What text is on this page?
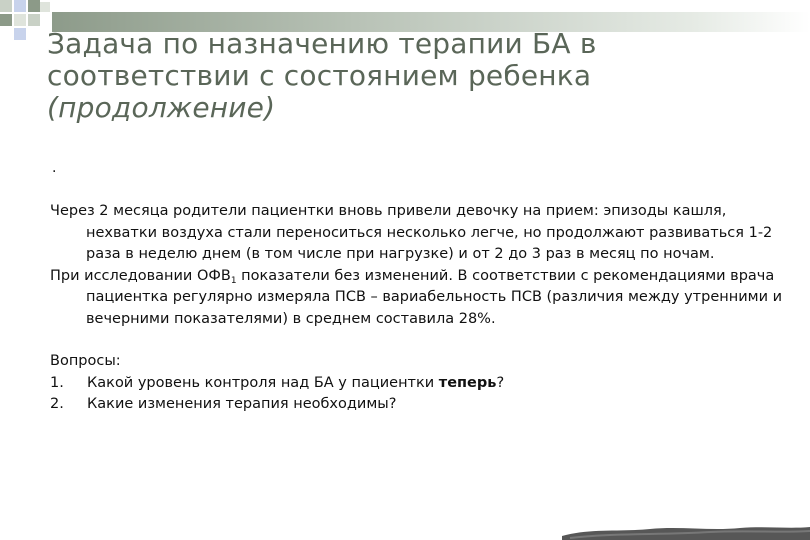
Задача по назначению терапии БА в
соответствии с состоянием ребенка
(продолжение)
.

Через 2 месяца родители пациентки вновь привели девочку на прием: эпизоды кашля, нехватки воздуха стали переноситься несколько легче, но продолжают развиваться 1-2 раза в неделю днем (в том числе при нагрузке) и от 2 до 3 раз в месяц по ночам.

При исследовании $ОФВ_1$ показатели без изменений. В соответствии с рекомендациями врача пациентка регулярно измеряла ПСВ – вариабельность ПСВ (различия между утренними и вечерними показателями) в среднем составила 28%.

Вопросы:

1.	Какой уровень контроля над БА у пациентки теперь?

2.	Какие изменения терапия необходимы?
